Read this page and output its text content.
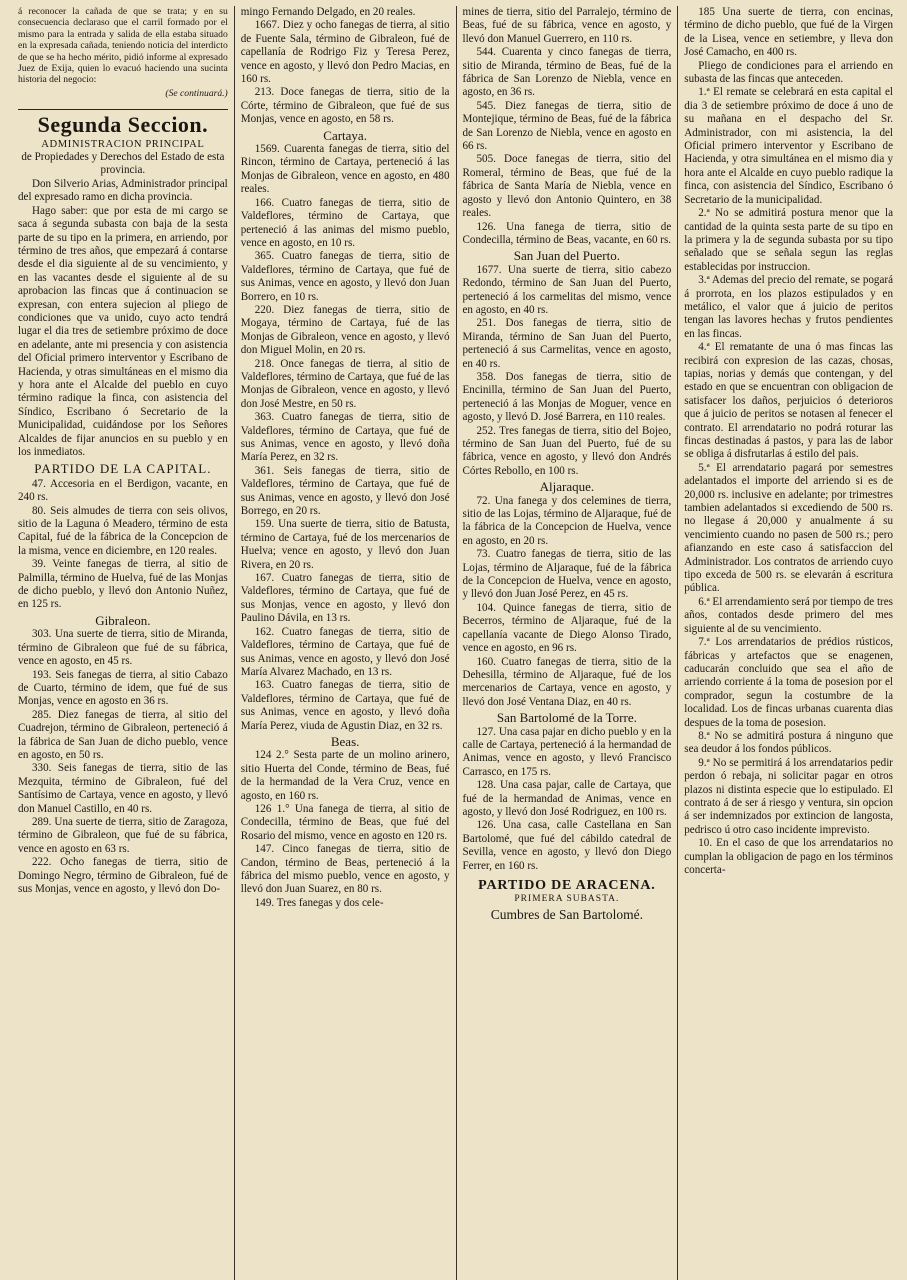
á reconocer la cañada de que se trata; y en su consecuencia declaraso que el carril formado por el mismo para la entrada y salida de ella estaba situado en la expresada cañada, teniendo noticia del interdicto de que se ha hecho mérito, pidió informe al expresado Juez de Exija, quien lo evacuó haciendo una sucinta historia del negocio:

(Se continuará.)
Segunda Seccion.
ADMINISTRACION PRINCIPAL

de Propiedades y Derechos del Estado de esta provincia.

Don Silverio Arias, Administrador principal del expresado ramo en dicha provincia.

Hago saber: que por esta de mi cargo se saca á segunda subasta con baja de la sesta parte de su tipo en la primera, en arriendo, por término de tres años, que empezará á contarse desde el dia siguiente al de su vencimiento, y en las vacantes desde el siguiente al de su aprobacion las fincas que á continuacion se expresan, con entera sujecion al pliego de condiciones que va unido, cuyo acto tendrá lugar el dia tres de setiembre próximo de doce en adelante, ante mi presencia y con asistencia del Oficial primero interventor y Escribano de Hacienda, y otras simultáneas en el mismo dia y hora ante el Alcalde del pueblo en cuyo término radique la finca, con asistencia del Síndico, Escribano ó Secretario de la Municipalidad, cuidándose por los Señores Alcaldes de fijar anuncios en su pueblo y en los inmediatos.

PARTIDO DE LA CAPITAL.

47. Accesoria en el Berdigon, vacante, en 240 rs.

80. Seis almudes de tierra con seis olivos, sitio de la Laguna ó Meadero, término de esta Capital, fué de la fábrica de la Concepcion de la misma, vence en diciembre, en 120 reales.

39. Veinte fanegas de tierra, al sitio de Palmilla, término de Huelva, fué de las Monjas de dicho pueblo, y llevó don Antonio Nuñez, en 125 rs.

Gibraleon.

303. Una suerte de tierra, sitio de Miranda, término de Gibraleon que fué de su fábrica, vence en agosto, en 45 rs.

193. Seis fanegas de tierra, al sitio Cabazo de Cuarto, término de idem, que fué de sus Monjas, vence en agosto en 36 rs.

285. Diez fanegas de tierra, al sitio del Cuadrejon, término de Gibraleon, perteneció á la fábrica de San Juan de dicho pueblo, vence en agosto, en 50 rs.

330. Seis fanegas de tierra, sitio de las Mezquita, término de Gibraleon, fué del Santísimo de Cartaya, vence en agosto, y llevó don Manuel Castillo, en 40 rs.

289. Una suerte de tierra, sitio de Zaragoza, término de Gibraleon, que fué de su fábrica, vence en agosto en 63 rs.

222. Ocho fanegas de tierra, sitio de Domingo Negro, término de Gibraleon, fué de sus Monjas, vence en agosto, y llevó don Do-

mingo Fernando Delgado, en 20 reales.

1667. Diez y ocho fanegas de tierra, al sitio de Fuente Sala, término de Gibraleon, fué de capellanía de Rodrigo Fiz y Teresa Perez, vence en agosto, y llevó don Pedro Macias, en 160 rs.

213. Doce fanegas de tierra, sitio de la Córte, término de Gibraleon, que fué de sus Monjas, vence en agosto, en 58 rs.

Cartaya.

1569. Cuarenta fanegas de tierra, sitio del Rincon, término de Cartaya, perteneció á las Monjas de Gibraleon, vence en agosto, en 480 reales.

166. Cuatro fanegas de tierra, sitio de Valdeflores, término de Cartaya, que perteneció á las animas del mismo pueblo, vence en agosto, en 10 rs.

365. Cuatro fanegas de tierra, sitio de Valdeflores, término de Cartaya, que fué de sus Animas, vence en agosto, y llevó don Juan Borrero, en 10 rs.

220. Diez fanegas de tierra, sitio de Mogaya, término de Cartaya, fué de las Monjas de Gibraleon, vence en agosto, y llevó don Miguel Molin, en 20 rs.

218. Once fanegas de tierra, al sitio de Valdeflores, término de Cartaya, que fué de las Monjas de Gibraleon, vence en agosto, y llevó don José Mestre, en 50 rs.

363. Cuatro fanegas de tierra, sitio de Valdeflores, término de Cartaya, que fué de sus Animas, vence en agosto, y llevó doña María Perez, en 32 rs.

361. Seis fanegas de tierra, sitio de Valdeflores, término de Cartaya, que fué de sus Animas, vence en agosto, y llevó don José Borrego, en 20 rs.

159. Una suerte de tierra, sitio de Batusta, término de Cartaya, fué de los mercenarios de Huelva; vence en agosto, y llevó don Juan Rivera, en 20 rs.

167. Cuatro fanegas de tierra, sitio de Valdeflores, término de Cartaya, que fué de sus Monjas, vence en agosto, y llevó don Paulino Dávila, en 13 rs.

162. Cuatro fanegas de tierra, sitio de Valdeflores, término de Cartaya, que fué de sus Animas, vence en agosto, y llevó don José María Alvarez Machado, en 13 rs.

163. Cuatro fanegas de tierra, sitio de Valdeflores, término de Cartaya, que fué de sus Animas, vence en agosto, y llevó doña María Perez, viuda de Agustin Diaz, en 32 rs.

Beas.

124 2.° Sesta parte de un molino arinero, sitio Huerta del Conde, término de Beas, fué de la hermandad de la Vera Cruz, vence en agosto, en 160 rs.

126 1.° Una fanega de tierra, al sitio de Condecilla, término de Beas, que fué del Rosario del mismo, vence en agosto en 120 rs.

147. Cinco fanegas de tierra, sitio de Candon, término de Beas, perteneció á la fábrica del mismo pueblo, vence en agosto, y llevó don Juan Suarez, en 80 rs.

149. Tres fanegas y dos cele-

mines de tierra, sitio del Parralejo, término de Beas, fué de su fábrica, vence en agosto, y llevó don Manuel Guerrero, en 110 rs.

544. Cuarenta y cinco fanegas de tierra, sitio de Miranda, término de Beas, fué de la fábrica de San Lorenzo de Niebla, vence en agosto, en 36 rs.

545. Diez fanegas de tierra, sitio de Montejique, término de Beas, fué de la fábrica de San Lorenzo de Niebla, vence en agosto en 66 rs.

505. Doce fanegas de tierra, sitio del Romeral, término de Beas, que fué de la fábrica de Santa María de Niebla, vence en agosto y llevó don Antonio Quintero, en 38 reales.

126. Una fanega de tierra, sitio de Condecilla, término de Beas, vacante, en 60 rs.

San Juan del Puerto.

1677. Una suerte de tierra, sitio cabezo Redondo, término de San Juan del Puerto, perteneció á los carmelitas del mismo, vence en agosto, en 40 rs.

251. Dos fanegas de tierra, sitio de Miranda, término de San Juan del Puerto, perteneció á sus Carmelitas, vence en agosto, en 40 rs.

358. Dos fanegas de tierra, sitio de Encinilla, término de San Juan del Puerto, perteneció á las Monjas de Moguer, vence en agosto, y llevó D. José Barrera, en 110 reales.

252. Tres fanegas de tierra, sitio del Bojeo, término de San Juan del Puerto, fué de su fábrica, vence en agosto, y llevó don Andrés Córtes Rebollo, en 100 rs.

Aljaraque.

72. Una fanega y dos celemines de tierra, sitio de las Lojas, término de Aljaraque, fué de la fábrica de la Concepcion de Huelva, vence en agosto, en 20 rs.

73. Cuatro fanegas de tierra, sitio de las Lojas, término de Aljaraque, fué de la fábrica de la Concepcion de Huelva, vence en agosto, y llevó don Juan José Perez, en 45 rs.

104. Quince fanegas de tierra, sitio de Becerros, término de Aljaraque, fué de la capellanía vacante de Diego Alonso Tirado, vence en agosto, en 96 rs.

160. Cuatro fanegas de tierra, sitio de la Dehesilla, término de Aljaraque, fué de los mercenarios de Cartaya, vence en agosto, y llevó don José Ventana Diaz, en 40 rs.

San Bartolomé de la Torre.

127. Una casa pajar en dicho pueblo y en la calle de Cartaya, perteneció á la hermandad de Animas, vence en agosto, y llevó Francisco Carrasco, en 175 rs.

128. Una casa pajar, calle de Cartaya, que fué de la hermandad de Animas, vence en agosto, y llevó don José Rodriguez, en 100 rs.

126. Una casa, calle Castellana en San Bartolomé, que fué del cábildo catedral de Sevilla, vence en agosto, y llevó don Diego Ferrer, en 160 rs.

PARTIDO DE ARACENA.
PRIMERA SUBASTA.
Cumbres de San Bartolomé.

185 Una suerte de tierra, con encinas, término de dicho pueblo, que fué de la Virgen de la Lisea, vence en setiembre, y lleva don José Camacho, en 400 rs.

Pliego de condiciones para el arriendo en subasta de las fincas que anteceden.

1.ª El remate se celebrará en esta capital el dia 3 de setiembre próximo de doce á uno de su mañana en el despacho del Sr. Administrador, con mi asistencia, la del Oficial primero interventor y Escribano de Hacienda, y otra simultánea en el mismo dia y hora ante el Alcalde en cuyo pueblo radique la finca, con asistencia del Síndico, Escribano ó Secretario de la municipalidad.

2.ª No se admitirá postura menor que la cantidad de la quinta sesta parte de su tipo en la primera y la de segunda subasta por su tipo señalado que se señala segun las reglas establecidas por instruccion.

3.ª Ademas del precio del remate, se pogará á prorrota, en los plazos estipulados y en metálico, el valor que á juicio de peritos tengan las lavores hechas y frutos pendientes en las fincas.

4.ª El rematante de una ó mas fincas las recibirá con expresion de las cazas, chosas, tapias, norias y demás que contengan, y del estado en que se encuentran con obligacion de satisfacer los daños, perjuicios ó deterioros que á juicio de peritos se notasen al fenecer el contrato. El arrendatario no podrá roturar las fincas destinadas á pastos, y para las de labor se obliga á disfrutarlas á estilo del pais.

5.ª El arrendatario pagará por semestres adelantados el importe del arriendo si es de 20,000 rs. inclusive en adelante; por trimestres tambien adelantados si excediendo de 500 rs. no llegase á 20,000 y anualmente á su vencimiento cuando no pasen de 500 rs.; pero afianzando en este caso á satisfaccion del Administrador. Los contratos de arriendo cuyo tipo exceda de 500 rs. se elevarán á escritura pública.

6.ª El arrendamiento será por tiempo de tres años, contados desde primero del mes siguiente al de su vencimiento.

7.ª Los arrendatarios de prédios rústicos, fábricas y artefactos que se enagenen, caducarán concluido que sea el año de arriendo corriente á la toma de posesion por el comprador, segun la costumbre de la localidad. Los de fincas urbanas cuarenta dias despues de la toma de posesion.

8.ª No se admitirá postura á ninguno que sea deudor á los fondos públicos.

9.ª No se permitirá á los arrendatarios pedir perdon ó rebaja, ni solicitar pagar en otros plazos ni distinta especie que lo estipulado. El contrato á de ser á riesgo y ventura, sin opcion á ser indemnizados por extincion de langosta, pedrisco ú otro caso incidente imprevisto.

10. En el caso de que los arrendatarios no cumplan la obligacion de pago en los términos concerta-
